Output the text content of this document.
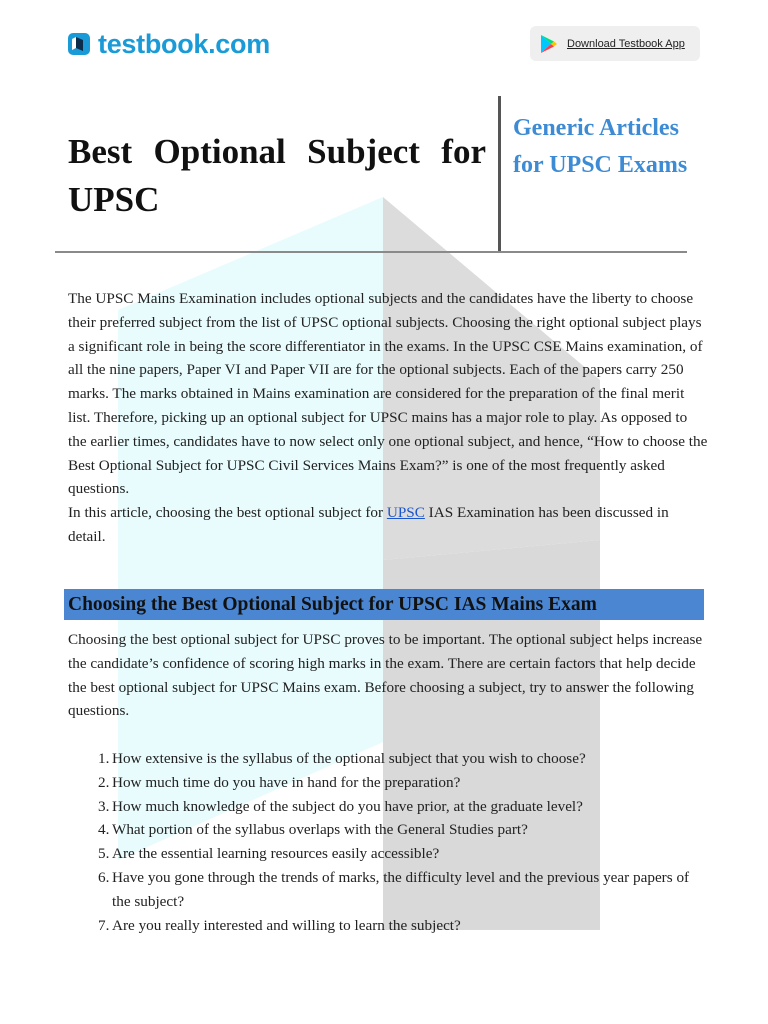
testbook.com	Download Testbook App
Best Optional Subject for UPSC
Generic Articles for UPSC Exams

The UPSC Mains Examination includes optional subjects and the candidates have the liberty to choose their preferred subject from the list of UPSC optional subjects. Choosing the right optional subject plays a significant role in being the score differentiator in the exams. In the UPSC CSE Mains examination, of all the nine papers, Paper VI and Paper VII are for the optional subjects. Each of the papers carry 250 marks. The marks obtained in Mains examination are considered for the preparation of the final merit list. Therefore, picking up an optional subject for UPSC mains has a major role to play. As opposed to the earlier times, candidates have to now select only one optional subject, and hence, “How to choose the Best Optional Subject for UPSC Civil Services Mains Exam?” is one of the most frequently asked questions.

In this article, choosing the best optional subject for UPSC IAS Examination has been discussed in detail.

Choosing the Best Optional Subject for UPSC IAS Mains Exam

Choosing the best optional subject for UPSC proves to be important. The optional subject helps increase the candidate’s confidence of scoring high marks in the exam. There are certain factors that help decide the best optional subject for UPSC Mains exam. Before choosing a subject, try to answer the following questions.

1. How extensive is the syllabus of the optional subject that you wish to choose?
2. How much time do you have in hand for the preparation?
3. How much knowledge of the subject do you have prior, at the graduate level?
4. What portion of the syllabus overlaps with the General Studies part?
5. Are the essential learning resources easily accessible?
6. Have you gone through the trends of marks, the difficulty level and the previous year papers of the subject?
7. Are you really interested and willing to learn the subject?
